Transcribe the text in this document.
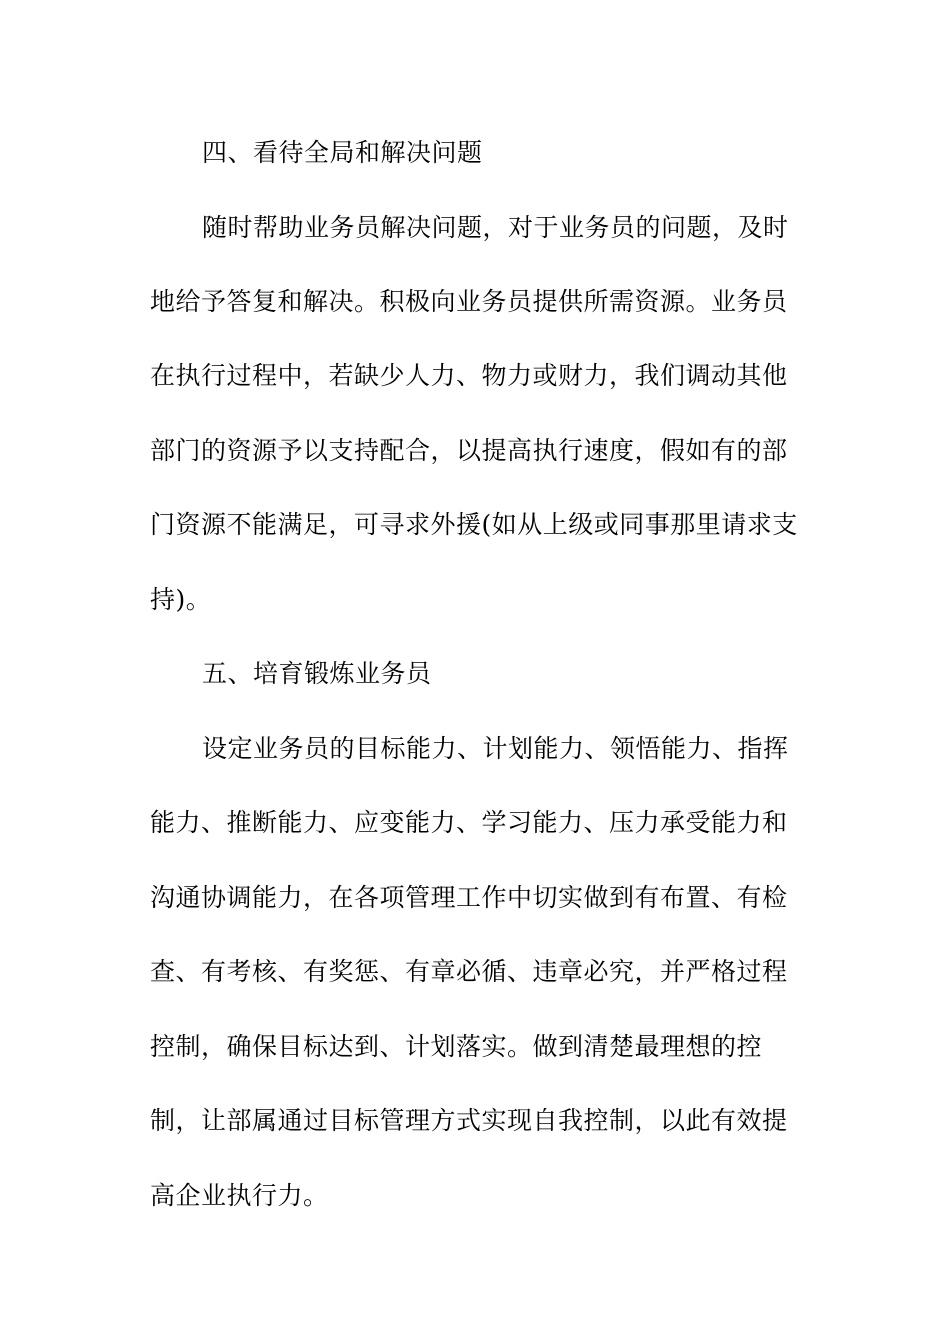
四、看待全局和解决问题
随时帮助业务员解决问题，对于业务员的问题，及时
地给予答复和解决。积极向业务员提供所需资源。业务员
在执行过程中，若缺少人力、物力或财力，我们调动其他
部门的资源予以支持配合，以提高执行速度，假如有的部
门资源不能满足，可寻求外援(如从上级或同事那里请求支
持)。
五、培育锻炼业务员
设定业务员的目标能力、计划能力、领悟能力、指挥
能力、推断能力、应变能力、学习能力、压力承受能力和
沟通协调能力，在各项管理工作中切实做到有布置、有检
查、有考核、有奖惩、有章必循、违章必究，并严格过程
控制，确保目标达到、计划落实。做到清楚最理想的控
制，让部属通过目标管理方式实现自我控制，以此有效提
高企业执行力。
